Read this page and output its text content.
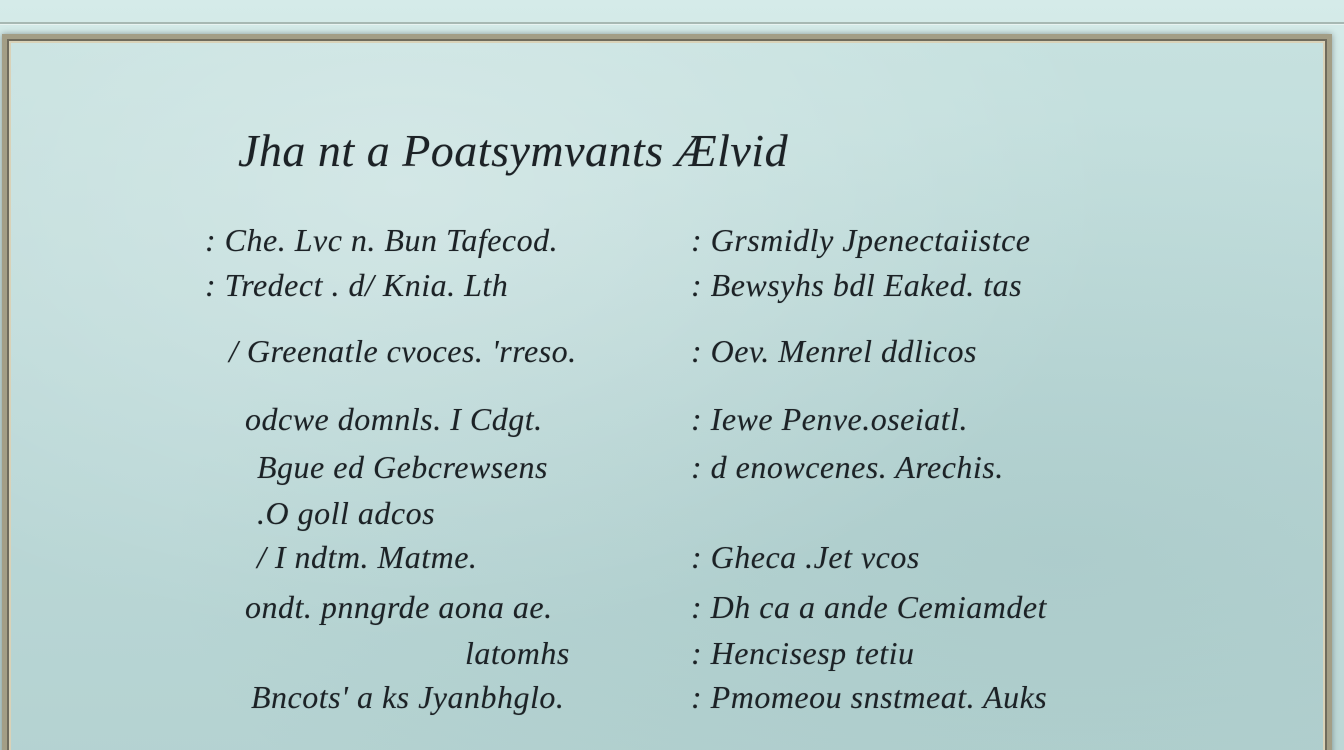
Jha nt a Poatsymvants Ælvid
: Che. Lvc n. Bun Tafecod.
: Tredect . d/ Knia. Lth
/ Greenatle cvoces. 'rreso.
odcwe domnls. I Cdgt.
Bgue ed Gebcrewsens
.O goll adcos
/ I ndtm. Matme.
ondt. pnngrde aona ae.
latomhs
Bncots' a ks Jyanbhglo.
: Grsmidly Jpenectaiistce
: Bewsyhs bdl Eaked. tas
: Oev. Menrel ddlicos
: Iewe Penve.oseiatl.
: d enowcenes. Arechis.
: Gheca .Jet vcos
: Dh ca a ande Cemiamdet
: Hencisesp tetiu
: Pmomeou snstmeat. Auks
